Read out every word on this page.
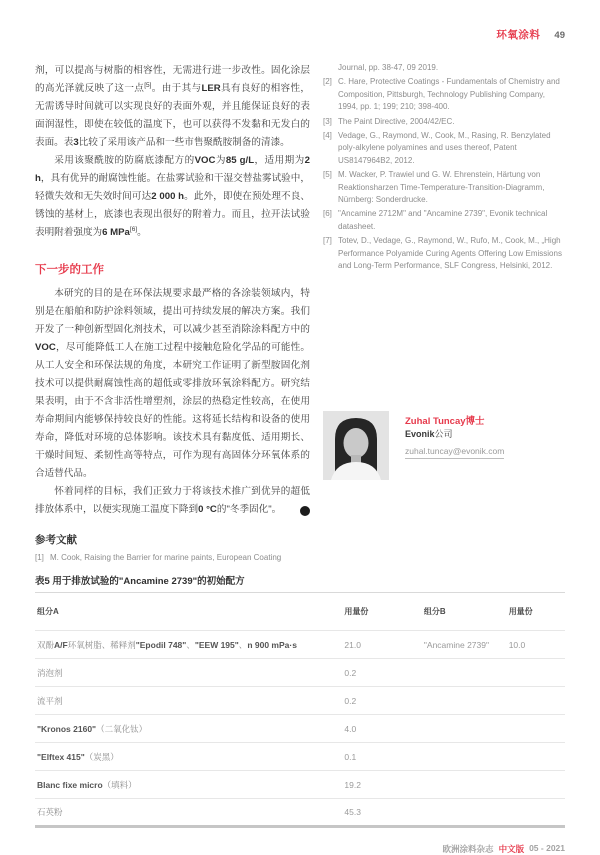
环氧涂料 49

剂，可以提高与树脂的相容性，无需进行进一步改性。固化涂层的高光泽就反映了这一点[5]。由于其与LER具有良好的相容性，无需诱导时间就可以实现良好的表面外观，并且能保证良好的表面润湿性，即使在较低的温度下，也可以获得不发黏和无发白的表面。表3比较了采用该产品和一些市售聚酰胺制备的清漆。

采用该聚酰胺的防腐底漆配方的VOC为85 g/L，适用期为2 h，具有优异的耐腐蚀性能。在盐雾试验和干湿交替盐雾试验中，轻微失效和无失效时间可达2 000 h。此外，即使在预处理不良、锈蚀的基材上，底漆也表现出很好的附着力。而且，拉开法试验表明附着强度为6 MPa[6]。

下一步的工作

本研究的目的是在环保法规要求最严格的各涂装领域内，特别是在船舶和防护涂料领域，提出可持续发展的解决方案。我们开发了一种创新型固化剂技术，可以减少甚至消除涂料配方中的VOC，尽可能降低工人在施工过程中接触危险化学品的可能性。从工人安全和环保法规的角度，本研究工作证明了新型胺固化剂技术可以提供耐腐蚀性高的超低或零排放环氧涂料配方。研究结果表明，由于不含非活性增塑剂，涂层的热稳定性较高，在使用寿命期间内能够保持较良好的性能。这将延长结构和设备的使用寿命，降低对环境的总体影响。该技术具有黏度低、适用期长、干燥时间短、柔韧性高等特点，可作为现有高固体分环氧体系的合适替代品。

怀着同样的目标，我们正致力于将该技术推广到优异的超低排放体系中，以便实现施工温度下降到0 °C的"冬季固化"。	‹

参考文献
[1] M. Cook, Raising the Barrier for marine paints, European Coating
Journal, pp. 38-47, 09 2019.
[2] C. Hare, Protective Coatings - Fundamentals of Chemistry and Composition, Pittsburgh, Technology Publishing Company, 1994, pp. 1; 199; 210; 398-400.
[3] The Paint Directive, 2004/42/EC.
[4] Vedage, G., Raymond, W., Cook, M., Rasing, R. Benzylated poly-alkylene polyamines and uses thereof, Patent US8147964B2, 2012.
[5] M. Wacker, P. Trawiel und G. W. Ehrenstein, Härtung von Reaktionsharzen Time-Temperature-Transition-Diagramm, Nürnberg: Sonderdrucke.
[6] "Ancamine 2712M" and "Ancamine 2739", Evonik technical datasheet.
[7] Totev, D., Vedage, G., Raymond, W., Rufo, M., Cook, M., „High Performance Polyamide Curing Agents Offering Low Emissions and Long-Term Performance, SLF Congress, Helsinki, 2012.
Zuhal Tuncay博士
Evonik公司
zuhal.tuncay@evonik.com
表5 用于排放试验的"Ancamine 2739"的初始配方
组分A	用量份	组分B	用量份
双酚A/F环氧树脂、稀释剂"Epodil 748"、"EEW 195"、n 900 mPa·s	21.0	"Ancamine 2739"	10.0
消泡剂	0.2		
流平剂	0.2		
"Kronos 2160"（二氧化钛）	4.0		
"Elftex 415"（炭黑）	0.1		
Blanc fixe micro（填料）	19.2		
石英粉	45.3		
欧洲涂料杂志 中文版 05 - 2021
